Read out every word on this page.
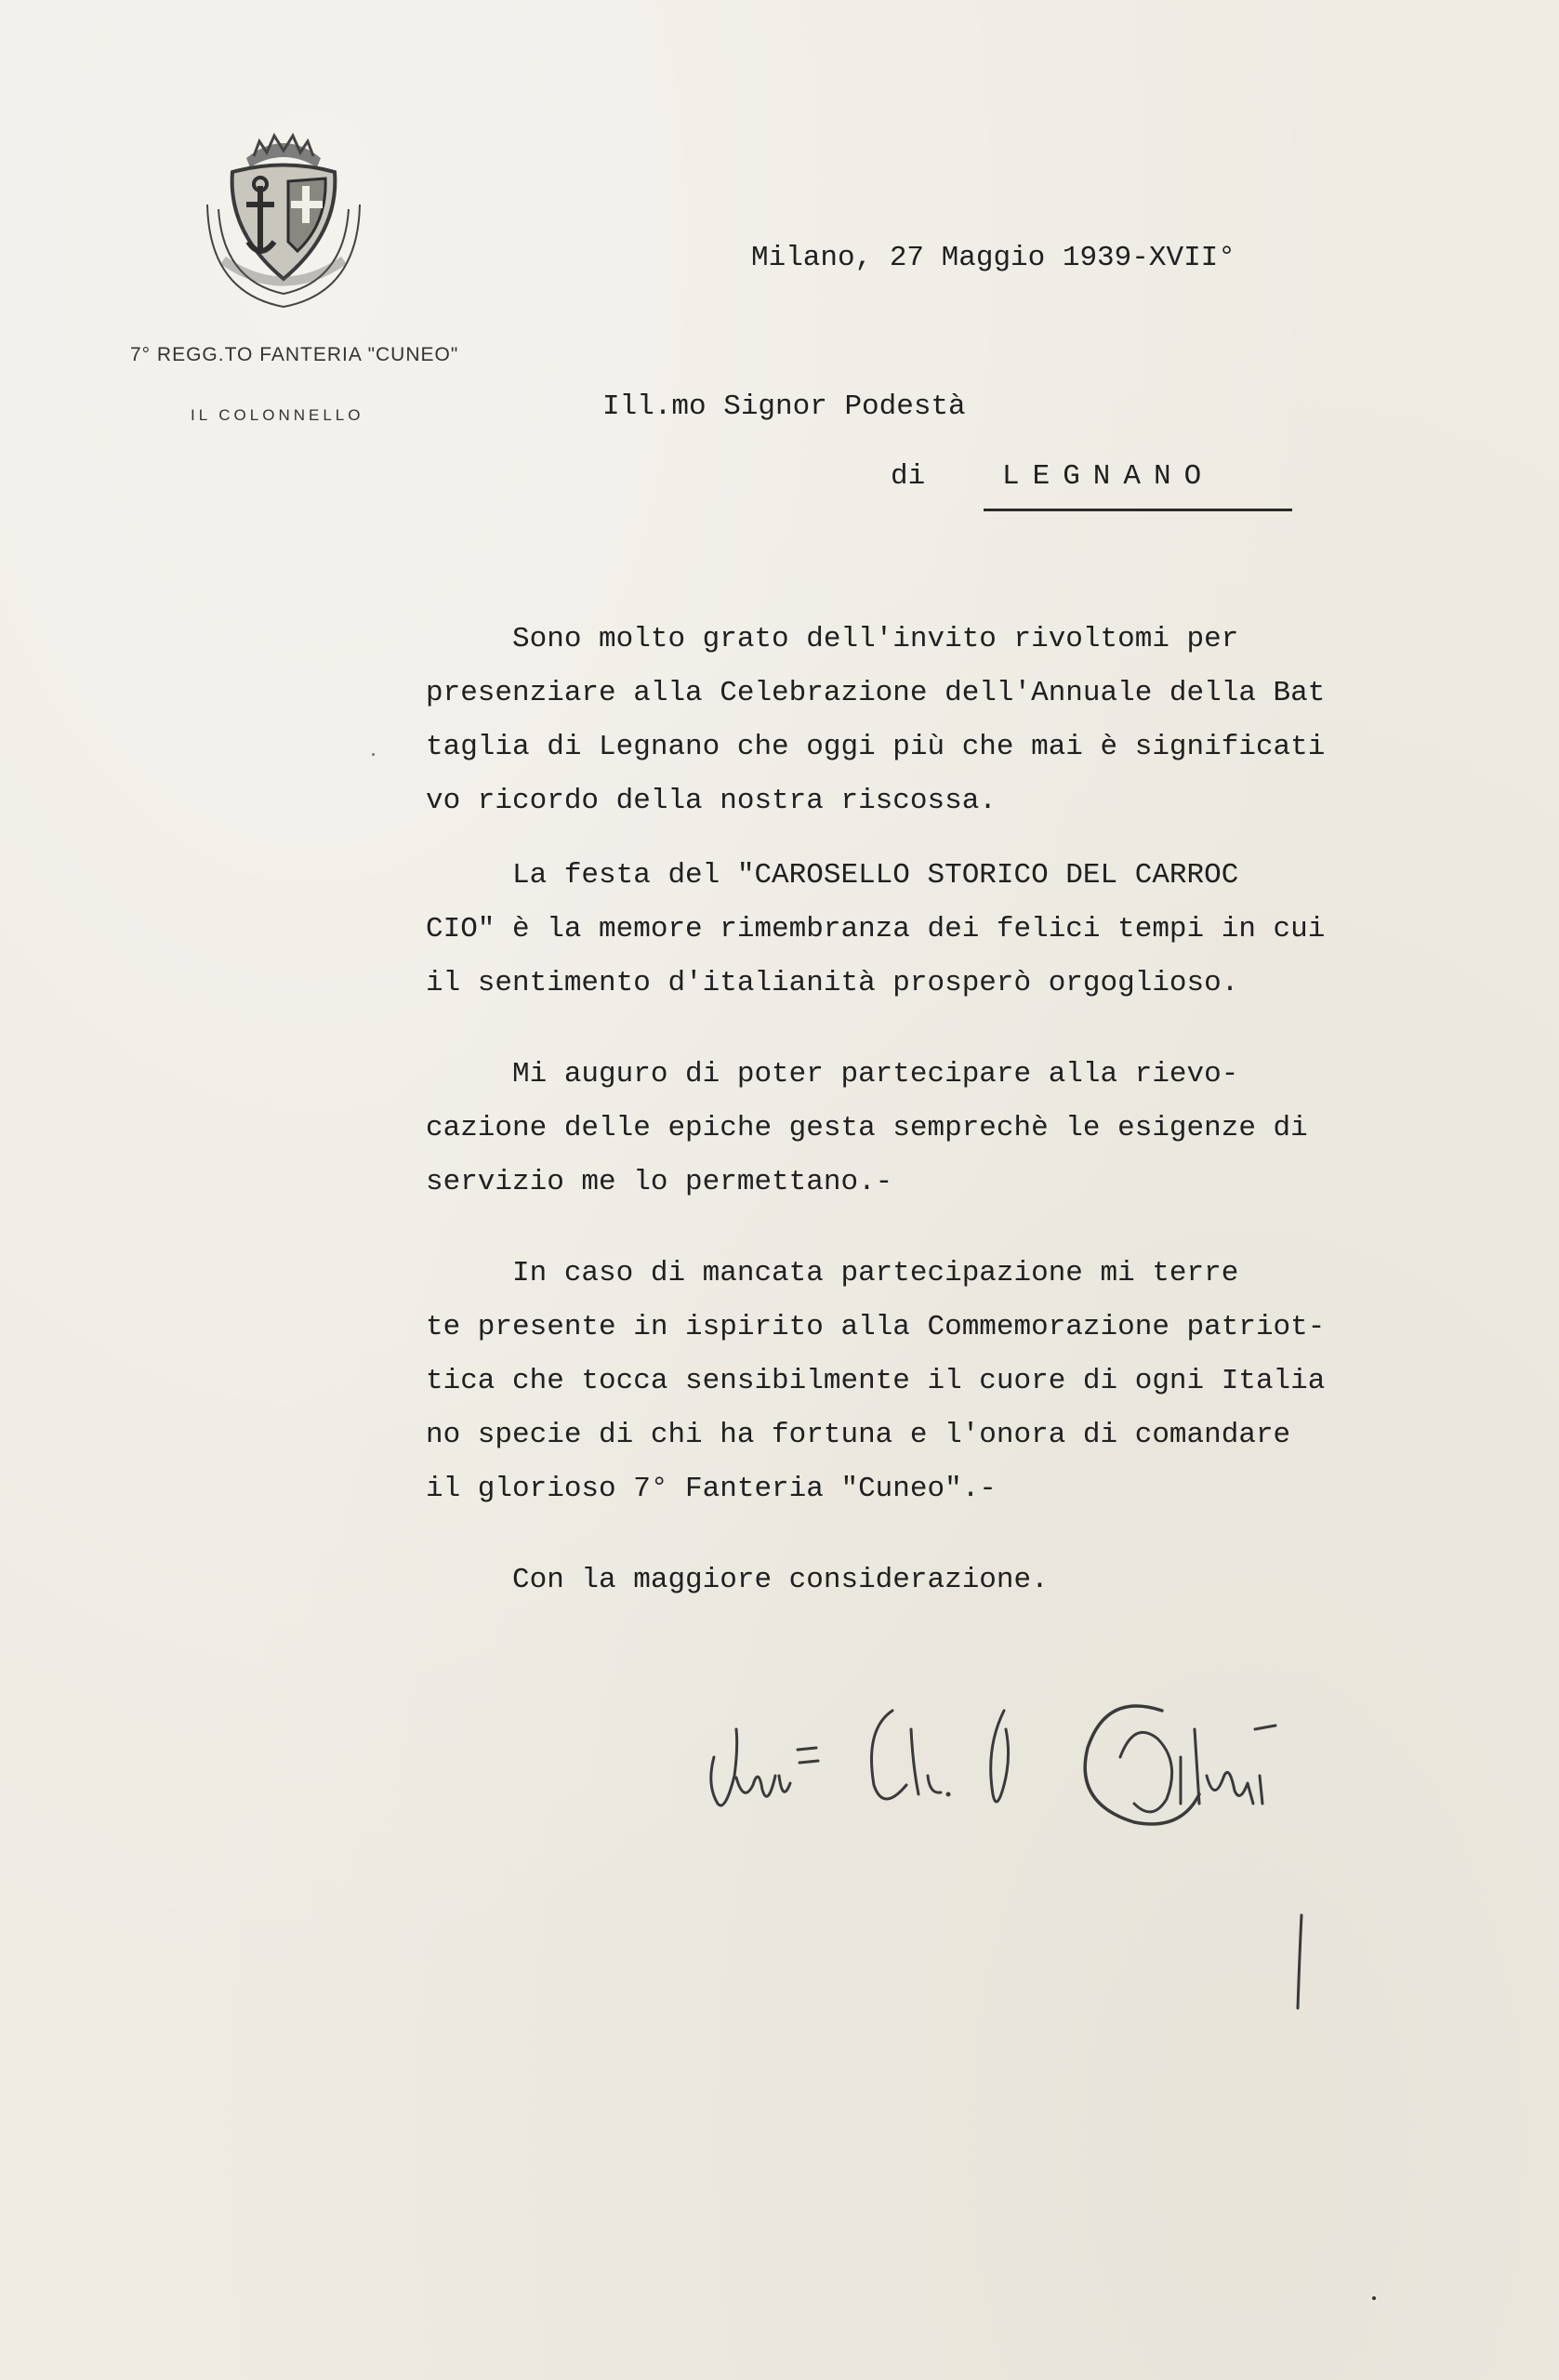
7° REGG.TO FANTERIA "CUNEO"
IL COLONNELLO
Milano, 27 Maggio 1939-XVII°
Ill.mo Signor Podestà
di	LEGNANO
Sono molto grato dell'invito rivoltomi per
presenziare alla Celebrazione dell'Annuale della Bat
taglia di Legnano che oggi più che mai è significati
vo ricordo della nostra riscossa.
La festa del "CAROSELLO STORICO DEL CARROC
CIO" è la memore rimembranza dei felici tempi in cui
il sentimento d'italianità prosperò orgoglioso.
Mi auguro di poter partecipare alla rievo-
cazione delle epiche gesta semprechè le esigenze di
servizio me lo permettano.-
In caso di mancata partecipazione mi terre
te presente in ispirito alla Commemorazione patriot-
tica che tocca sensibilmente il cuore di ogni Italia
no specie di chi ha fortuna e l'onora di comandare
il glorioso 7° Fanteria "Cuneo".-
Con la maggiore considerazione.
